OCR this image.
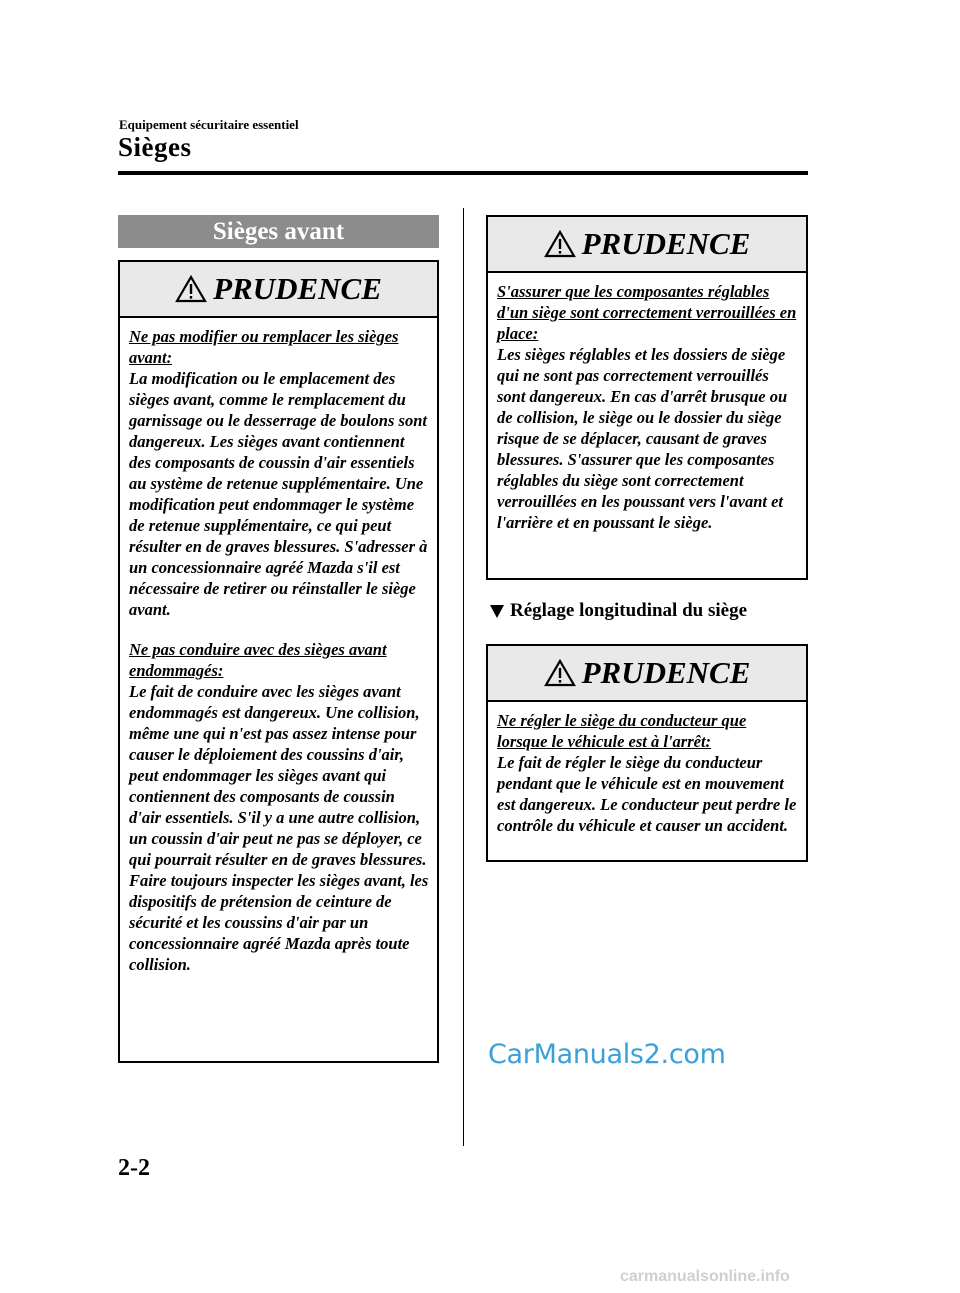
Equipement sécuritaire essentiel
Sièges
Sièges avant
PRUDENCE

Ne pas modifier ou remplacer les sièges avant:

La modification ou le emplacement des sièges avant, comme le remplacement du garnissage ou le desserrage de boulons sont dangereux. Les sièges avant contiennent des composants de coussin d'air essentiels au système de retenue supplémentaire. Une modification peut endommager le système de retenue supplémentaire, ce qui peut résulter en de graves blessures. S'adresser à un concessionnaire agréé Mazda s'il est nécessaire de retirer ou réinstaller le siège avant.

Ne pas conduire avec des sièges avant endommagés:

Le fait de conduire avec les sièges avant endommagés est dangereux. Une collision, même une qui n'est pas assez intense pour causer le déploiement des coussins d'air, peut endommager les sièges avant qui contiennent des composants de coussin d'air essentiels. S'il y a une autre collision, un coussin d'air peut ne pas se déployer, ce qui pourrait résulter en de graves blessures. Faire toujours inspecter les sièges avant, les dispositifs de prétension de ceinture de sécurité et les coussins d'air par un concessionnaire agréé Mazda après toute collision.

PRUDENCE

S'assurer que les composantes réglables d'un siège sont correctement verrouillées en place:

Les sièges réglables et les dossiers de siège qui ne sont pas correctement verrouillés sont dangereux. En cas d'arrêt brusque ou de collision, le siège ou le dossier du siège risque de se déplacer, causant de graves blessures. S'assurer que les composantes réglables du siège sont correctement verrouillées en les poussant vers l'avant et l'arrière et en poussant le siège.

Réglage longitudinal du siège
PRUDENCE

Ne régler le siège du conducteur que lorsque le véhicule est à l'arrêt:

Le fait de régler le siège du conducteur pendant que le véhicule est en mouvement est dangereux. Le conducteur peut perdre le contrôle du véhicule et causer un accident.

CarManuals2.com
2-2
carmanualsonline.info
